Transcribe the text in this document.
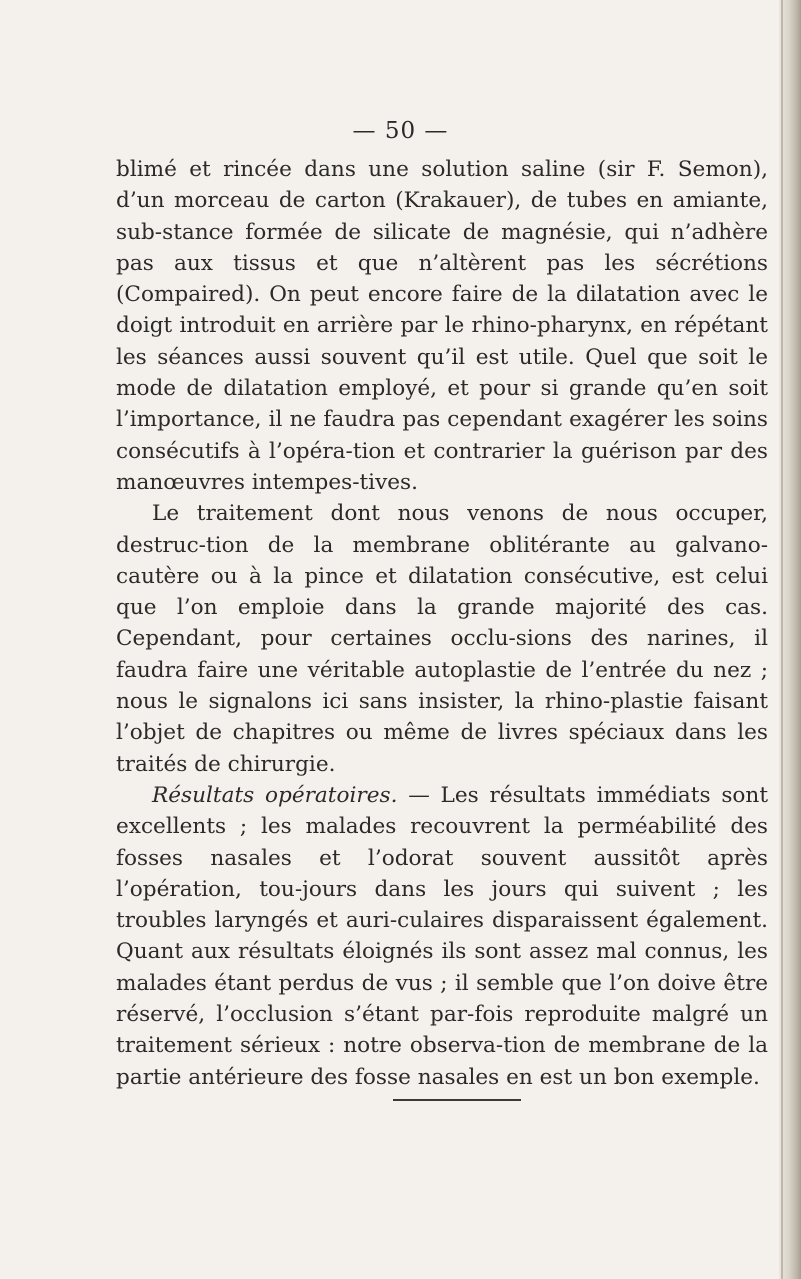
— 50 —

blimé et rincée dans une solution saline (sir F. Semon), d’un morceau de carton (Krakauer), de tubes en amiante, sub-stance formée de silicate de magnésie, qui n’adhère pas aux tissus et que n’altèrent pas les sécrétions (Compaired). On peut encore faire de la dilatation avec le doigt introduit en arrière par le rhino-pharynx, en répétant les séances aussi souvent qu’il est utile. Quel que soit le mode de dilatation employé, et pour si grande qu’en soit l’importance, il ne faudra pas cependant exagérer les soins consécutifs à l’opéra-tion et contrarier la guérison par des manœuvres intempes-tives.

Le traitement dont nous venons de nous occuper, destruc-tion de la membrane oblitérante au galvano-cautère ou à la pince et dilatation consécutive, est celui que l’on emploie dans la grande majorité des cas. Cependant, pour certaines occlu-sions des narines, il faudra faire une véritable autoplastie de l’entrée du nez ; nous le signalons ici sans insister, la rhino-plastie faisant l’objet de chapitres ou même de livres spéciaux dans les traités de chirurgie.

Résultats opératoires. — Les résultats immédiats sont excellents ; les malades recouvrent la perméabilité des fosses nasales et l’odorat souvent aussitôt après l’opération, tou-jours dans les jours qui suivent ; les troubles laryngés et auri-culaires disparaissent également. Quant aux résultats éloignés ils sont assez mal connus, les malades étant perdus de vus ; il semble que l’on doive être réservé, l’occlusion s’étant par-fois reproduite malgré un traitement sérieux : notre observa-tion de membrane de la partie antérieure des fosse nasales en est un bon exemple.
